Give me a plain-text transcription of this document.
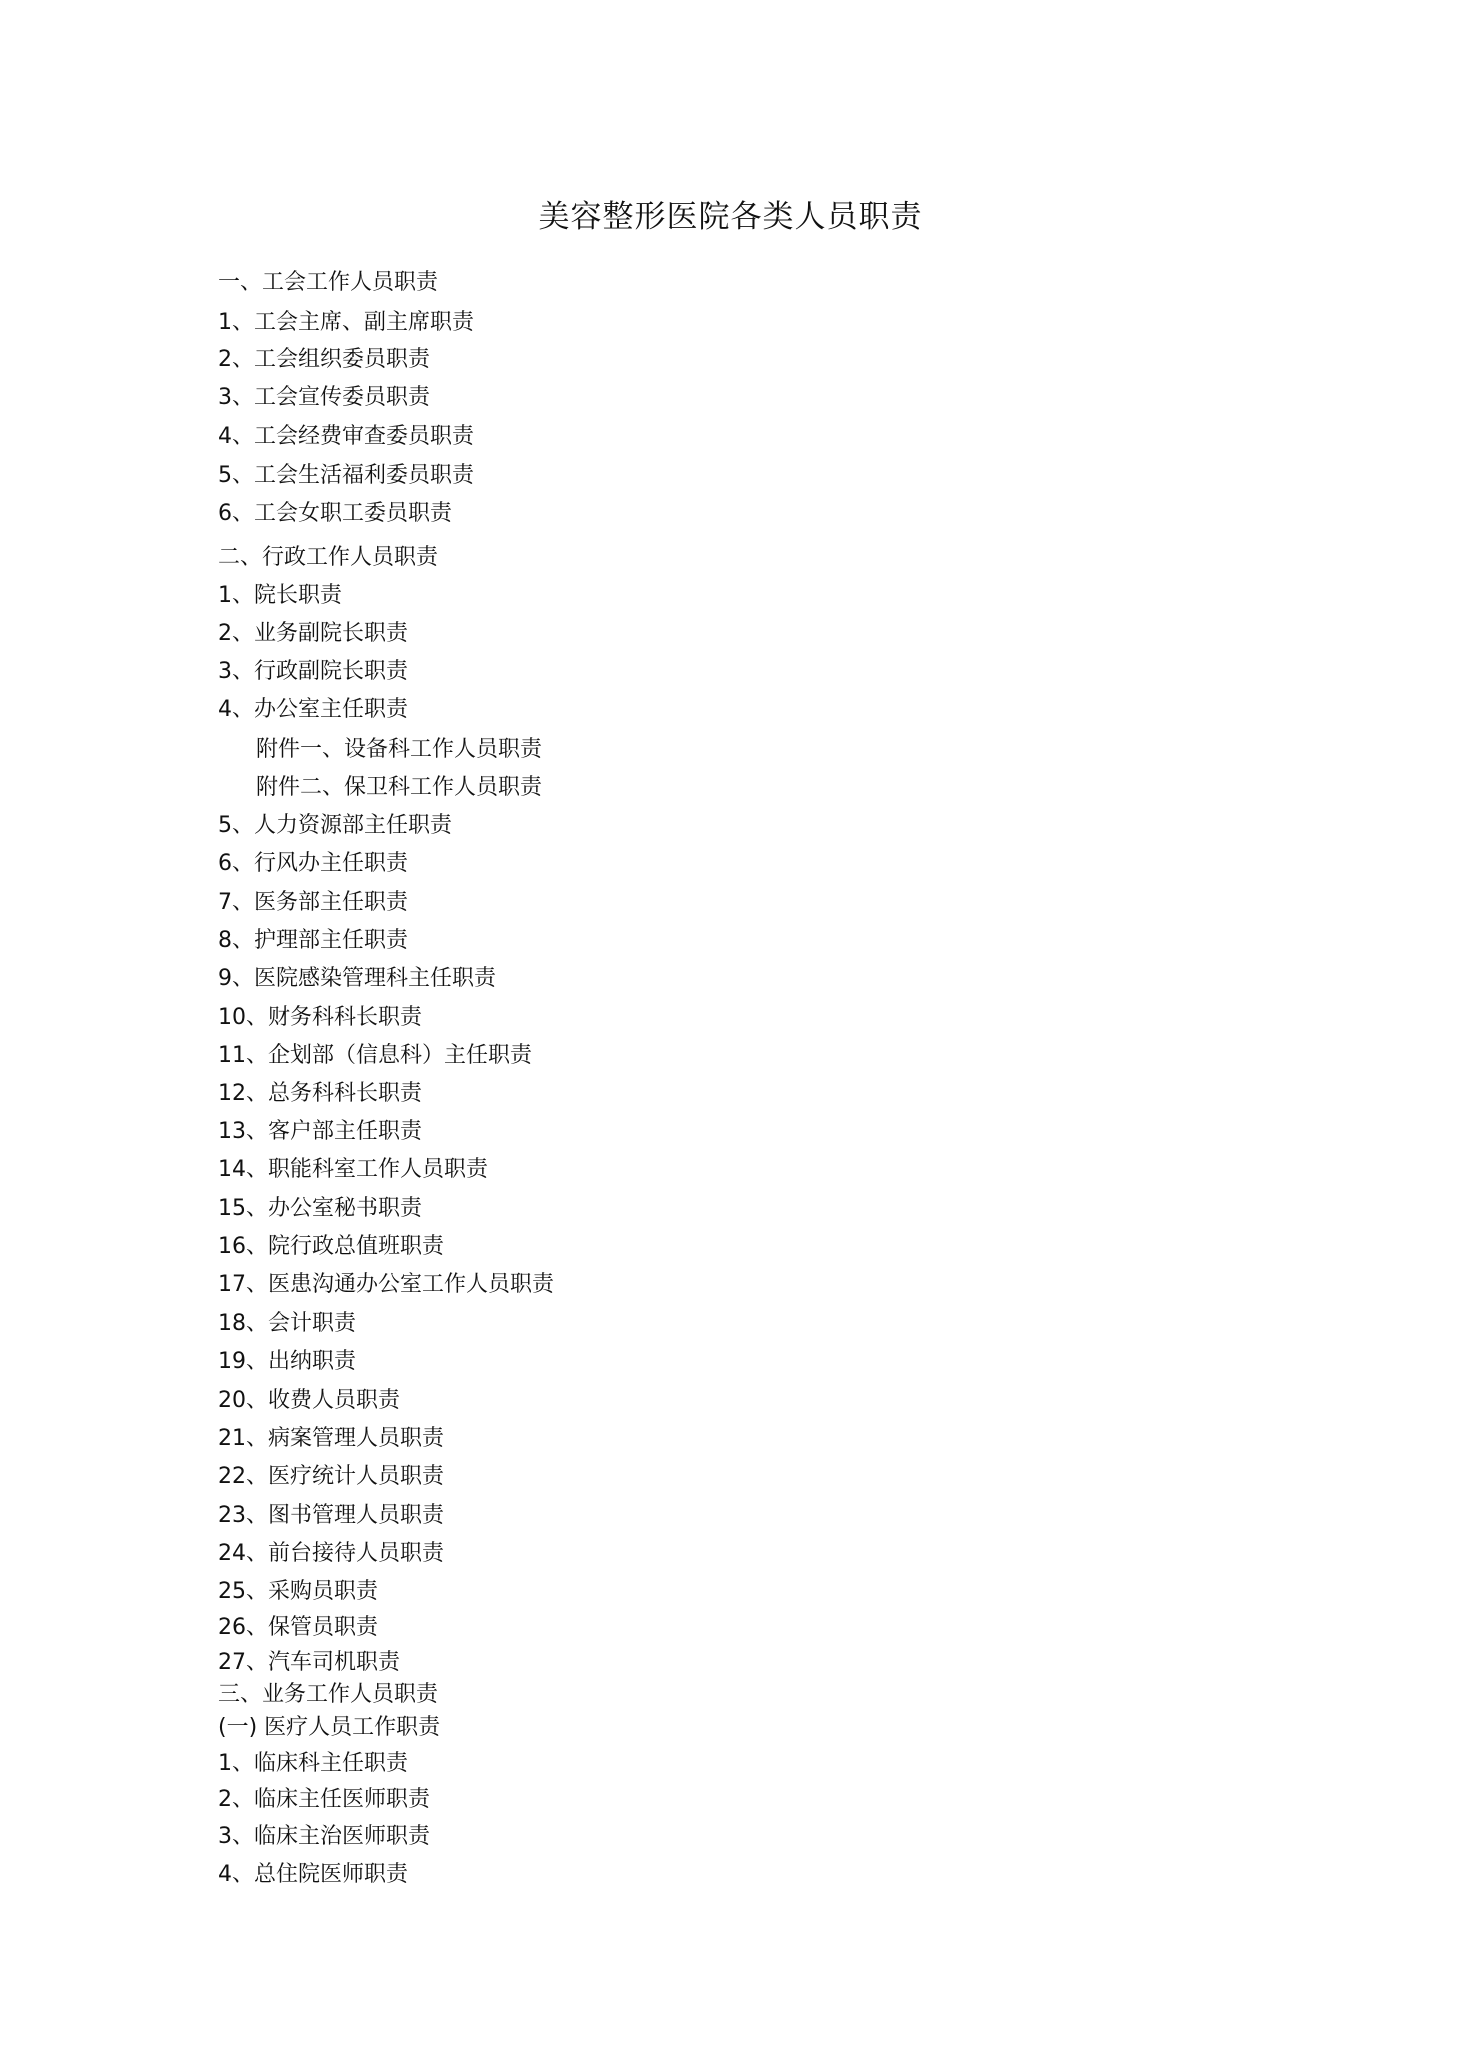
美容整形医院各类人员职责
一、工会工作人员职责
1、工会主席、副主席职责
2、工会组织委员职责
3、工会宣传委员职责
4、工会经费审查委员职责
5、工会生活福利委员职责
6、工会女职工委员职责
二、行政工作人员职责
1、院长职责
2、业务副院长职责
3、行政副院长职责
4、办公室主任职责
附件一、设备科工作人员职责
附件二、保卫科工作人员职责
5、人力资源部主任职责
6、行风办主任职责
7、医务部主任职责
8、护理部主任职责
9、医院感染管理科主任职责
10、财务科科长职责
11、企划部（信息科）主任职责
12、总务科科长职责
13、客户部主任职责
14、职能科室工作人员职责
15、办公室秘书职责
16、院行政总值班职责
17、医患沟通办公室工作人员职责
18、会计职责
19、出纳职责
20、收费人员职责
21、病案管理人员职责
22、医疗统计人员职责
23、图书管理人员职责
24、前台接待人员职责
25、采购员职责
26、保管员职责
27、汽车司机职责
三、业务工作人员职责
(一) 医疗人员工作职责
1、临床科主任职责
2、临床主任医师职责
3、临床主治医师职责
4、总住院医师职责
